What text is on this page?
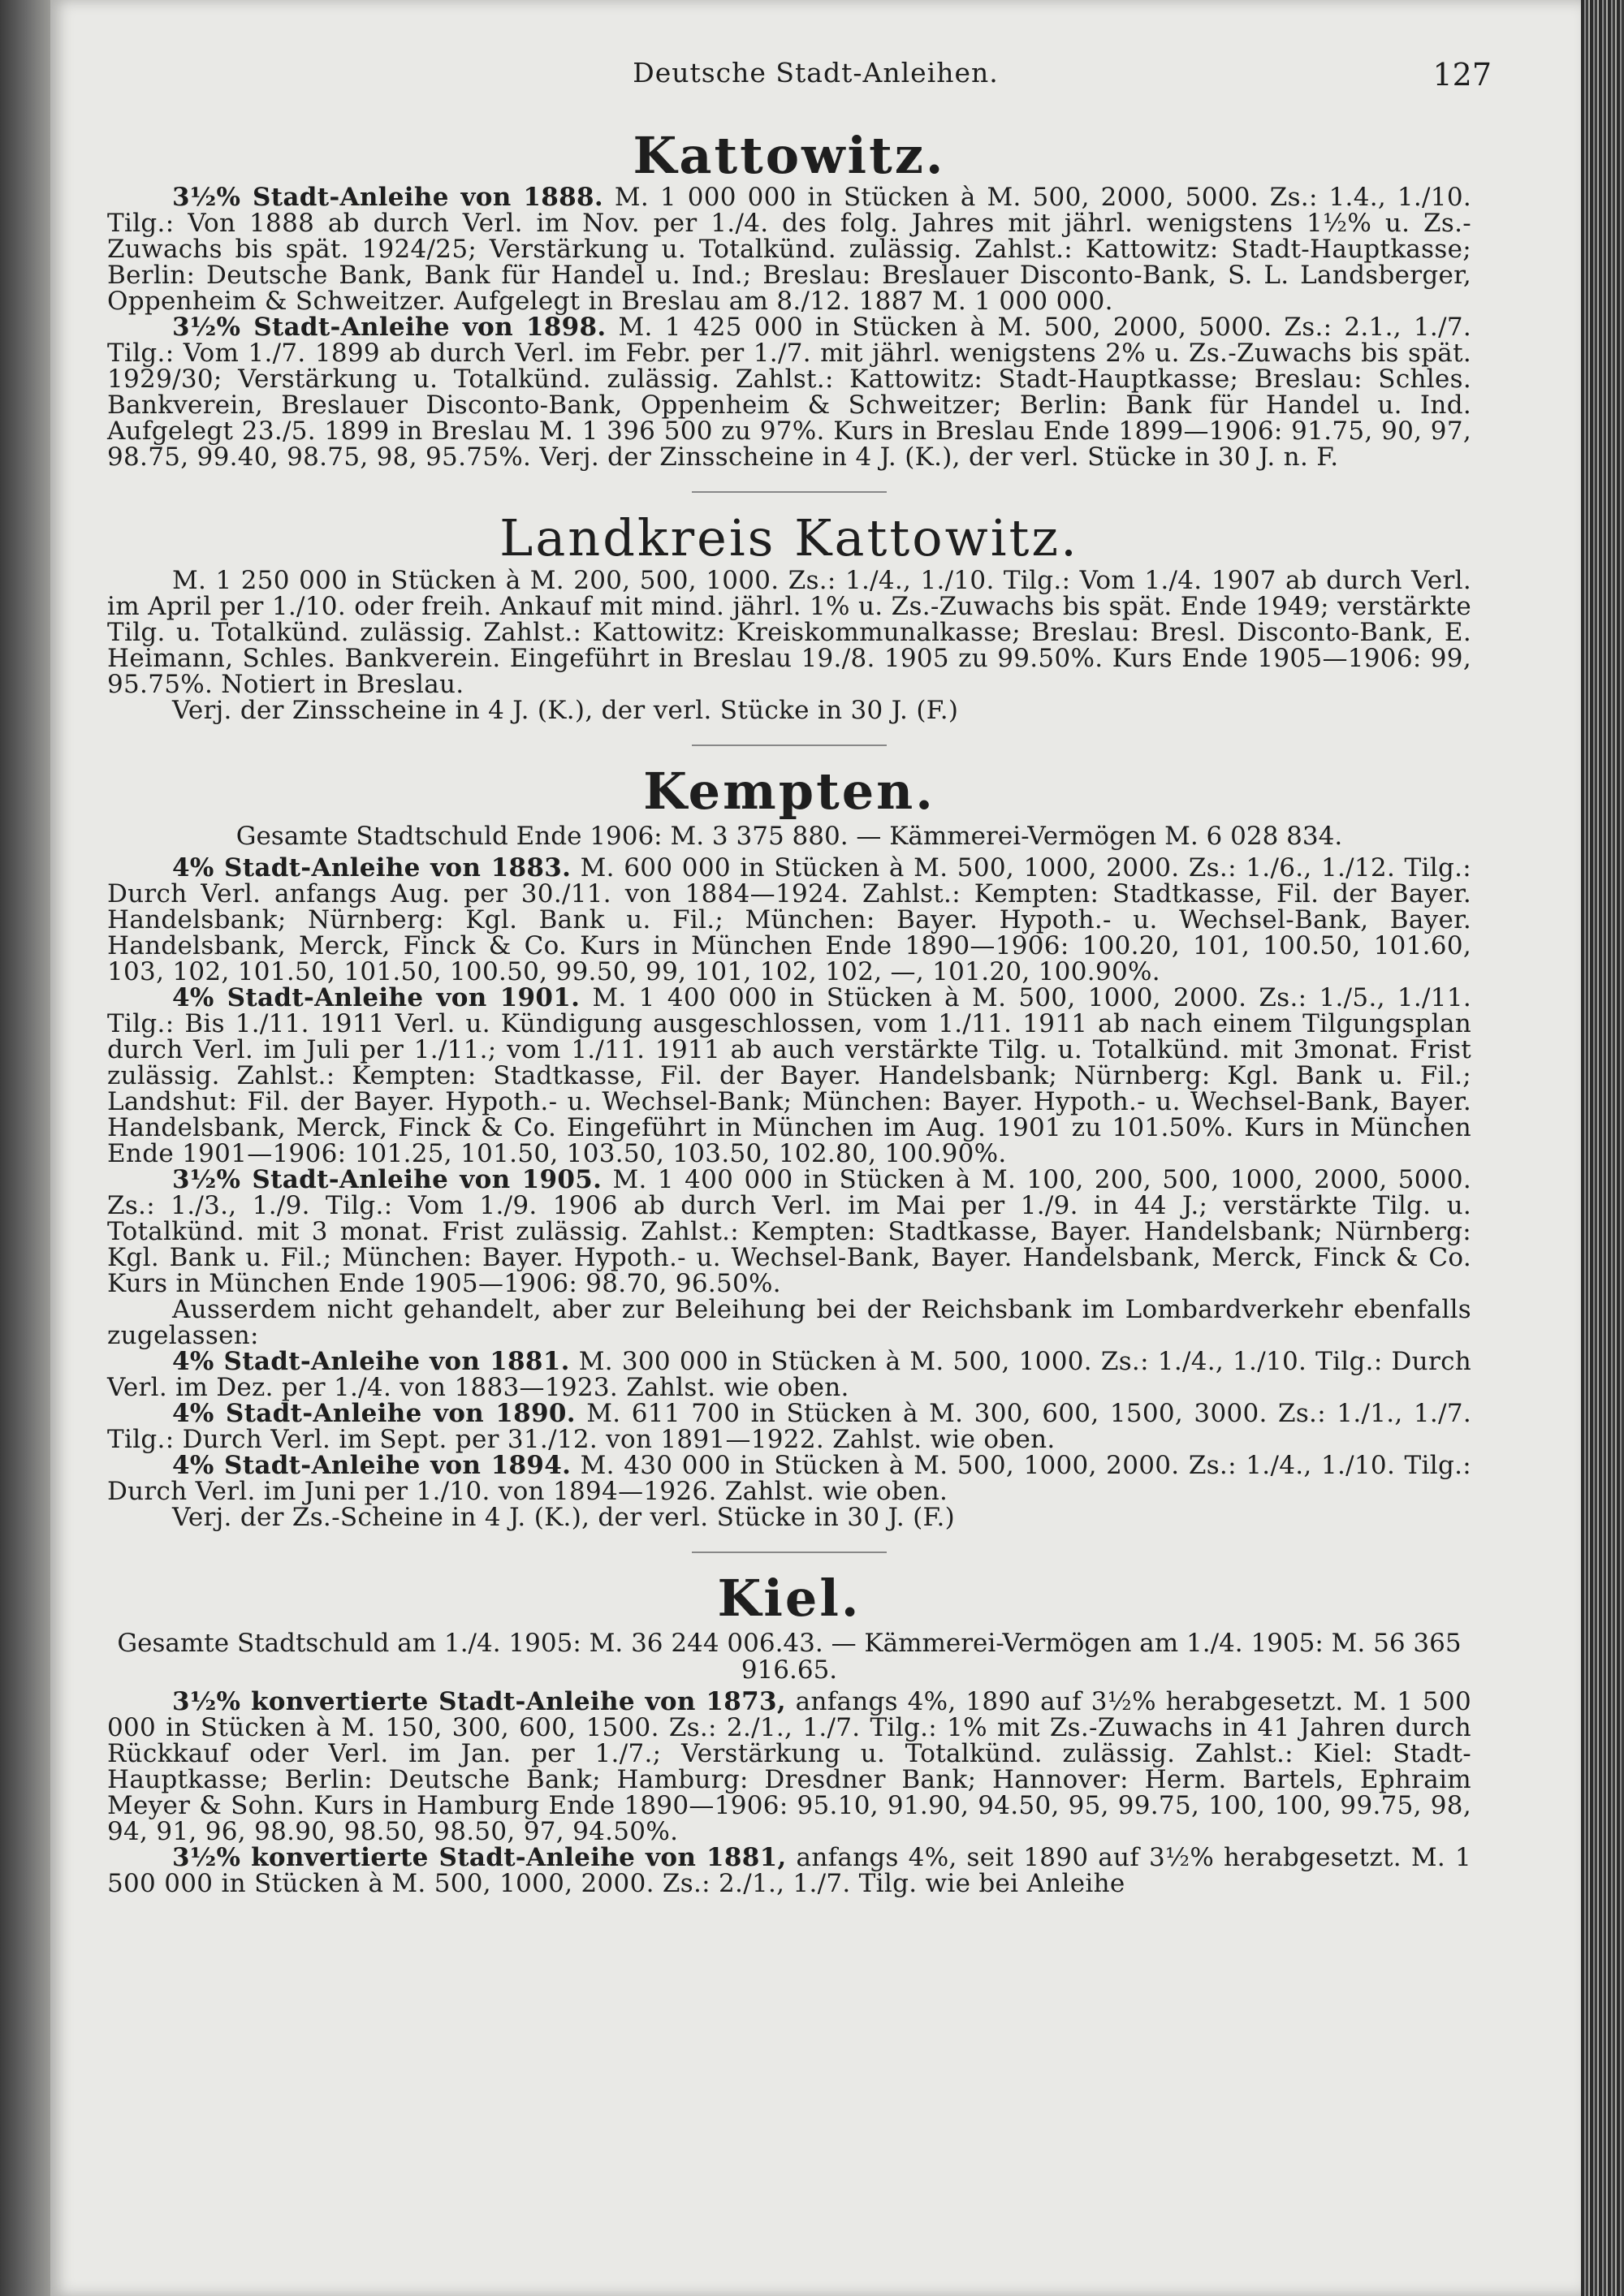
Deutsche Stadt-Anleihen.	127
Kattowitz.

3½% Stadt-Anleihe von 1888. M. 1 000 000 in Stücken à M. 500, 2000, 5000. Zs.: 1.4., 1./10. Tilg.: Von 1888 ab durch Verl. im Nov. per 1./4. des folg. Jahres mit jährl. wenigstens 1½% u. Zs.-Zuwachs bis spät. 1924/25; Verstärkung u. Totalkünd. zulässig. Zahlst.: Kattowitz: Stadt-Hauptkasse; Berlin: Deutsche Bank, Bank für Handel u. Ind.; Breslau: Breslauer Disconto-Bank, S. L. Landsberger, Oppenheim & Schweitzer. Aufgelegt in Breslau am 8./12. 1887 M. 1 000 000.

3½% Stadt-Anleihe von 1898. M. 1 425 000 in Stücken à M. 500, 2000, 5000. Zs.: 2.1., 1./7. Tilg.: Vom 1./7. 1899 ab durch Verl. im Febr. per 1./7. mit jährl. wenigstens 2% u. Zs.-Zuwachs bis spät. 1929/30; Verstärkung u. Totalkünd. zulässig. Zahlst.: Kattowitz: Stadt-Hauptkasse; Breslau: Schles. Bankverein, Breslauer Disconto-Bank, Oppenheim & Schweitzer; Berlin: Bank für Handel u. Ind. Aufgelegt 23./5. 1899 in Breslau M. 1 396 500 zu 97%. Kurs in Breslau Ende 1899—1906: 91.75, 90, 97, 98.75, 99.40, 98.75, 98, 95.75%. Verj. der Zinsscheine in 4 J. (K.), der verl. Stücke in 30 J. n. F.

Landkreis Kattowitz.

M. 1 250 000 in Stücken à M. 200, 500, 1000. Zs.: 1./4., 1./10. Tilg.: Vom 1./4. 1907 ab durch Verl. im April per 1./10. oder freih. Ankauf mit mind. jährl. 1% u. Zs.-Zuwachs bis spät. Ende 1949; verstärkte Tilg. u. Totalkünd. zulässig. Zahlst.: Kattowitz: Kreiskommunalkasse; Breslau: Bresl. Disconto-Bank, E. Heimann, Schles. Bankverein. Eingeführt in Breslau 19./8. 1905 zu 99.50%. Kurs Ende 1905—1906: 99, 95.75%. Notiert in Breslau.

Verj. der Zinsscheine in 4 J. (K.), der verl. Stücke in 30 J. (F.)

Kempten.

Gesamte Stadtschuld Ende 1906: M. 3 375 880. — Kämmerei-Vermögen M. 6 028 834.

4% Stadt-Anleihe von 1883. M. 600 000 in Stücken à M. 500, 1000, 2000. Zs.: 1./6., 1./12. Tilg.: Durch Verl. anfangs Aug. per 30./11. von 1884—1924. Zahlst.: Kempten: Stadtkasse, Fil. der Bayer. Handelsbank; Nürnberg: Kgl. Bank u. Fil.; München: Bayer. Hypoth.- u. Wechsel-Bank, Bayer. Handelsbank, Merck, Finck & Co. Kurs in München Ende 1890—1906: 100.20, 101, 100.50, 101.60, 103, 102, 101.50, 101.50, 100.50, 99.50, 99, 101, 102, 102, —, 101.20, 100.90%.

4% Stadt-Anleihe von 1901. M. 1 400 000 in Stücken à M. 500, 1000, 2000. Zs.: 1./5., 1./11. Tilg.: Bis 1./11. 1911 Verl. u. Kündigung ausgeschlossen, vom 1./11. 1911 ab nach einem Tilgungsplan durch Verl. im Juli per 1./11.; vom 1./11. 1911 ab auch verstärkte Tilg. u. Totalkünd. mit 3monat. Frist zulässig. Zahlst.: Kempten: Stadtkasse, Fil. der Bayer. Handelsbank; Nürnberg: Kgl. Bank u. Fil.; Landshut: Fil. der Bayer. Hypoth.- u. Wechsel-Bank; München: Bayer. Hypoth.- u. Wechsel-Bank, Bayer. Handelsbank, Merck, Finck & Co. Eingeführt in München im Aug. 1901 zu 101.50%. Kurs in München Ende 1901—1906: 101.25, 101.50, 103.50, 103.50, 102.80, 100.90%.

3½% Stadt-Anleihe von 1905. M. 1 400 000 in Stücken à M. 100, 200, 500, 1000, 2000, 5000. Zs.: 1./3., 1./9. Tilg.: Vom 1./9. 1906 ab durch Verl. im Mai per 1./9. in 44 J.; verstärkte Tilg. u. Totalkünd. mit 3 monat. Frist zulässig. Zahlst.: Kempten: Stadtkasse, Bayer. Handelsbank; Nürnberg: Kgl. Bank u. Fil.; München: Bayer. Hypoth.- u. Wechsel-Bank, Bayer. Handelsbank, Merck, Finck & Co. Kurs in München Ende 1905—1906: 98.70, 96.50%.

Ausserdem nicht gehandelt, aber zur Beleihung bei der Reichsbank im Lombardverkehr ebenfalls zugelassen:

4% Stadt-Anleihe von 1881. M. 300 000 in Stücken à M. 500, 1000. Zs.: 1./4., 1./10. Tilg.: Durch Verl. im Dez. per 1./4. von 1883—1923. Zahlst. wie oben.

4% Stadt-Anleihe von 1890. M. 611 700 in Stücken à M. 300, 600, 1500, 3000. Zs.: 1./1., 1./7. Tilg.: Durch Verl. im Sept. per 31./12. von 1891—1922. Zahlst. wie oben.

4% Stadt-Anleihe von 1894. M. 430 000 in Stücken à M. 500, 1000, 2000. Zs.: 1./4., 1./10. Tilg.: Durch Verl. im Juni per 1./10. von 1894—1926. Zahlst. wie oben.

Verj. der Zs.-Scheine in 4 J. (K.), der verl. Stücke in 30 J. (F.)

Kiel.

Gesamte Stadtschuld am 1./4. 1905: M. 36 244 006.43. — Kämmerei-Vermögen am 1./4. 1905: M. 56 365 916.65.

3½% konvertierte Stadt-Anleihe von 1873, anfangs 4%, 1890 auf 3½% herabgesetzt. M. 1 500 000 in Stücken à M. 150, 300, 600, 1500. Zs.: 2./1., 1./7. Tilg.: 1% mit Zs.-Zuwachs in 41 Jahren durch Rückkauf oder Verl. im Jan. per 1./7.; Verstärkung u. Totalkünd. zulässig. Zahlst.: Kiel: Stadt-Hauptkasse; Berlin: Deutsche Bank; Hamburg: Dresdner Bank; Hannover: Herm. Bartels, Ephraim Meyer & Sohn. Kurs in Hamburg Ende 1890—1906: 95.10, 91.90, 94.50, 95, 99.75, 100, 100, 99.75, 98, 94, 91, 96, 98.90, 98.50, 98.50, 97, 94.50%.

3½% konvertierte Stadt-Anleihe von 1881, anfangs 4%, seit 1890 auf 3½% herabgesetzt. M. 1 500 000 in Stücken à M. 500, 1000, 2000. Zs.: 2./1., 1./7. Tilg. wie bei Anleihe
